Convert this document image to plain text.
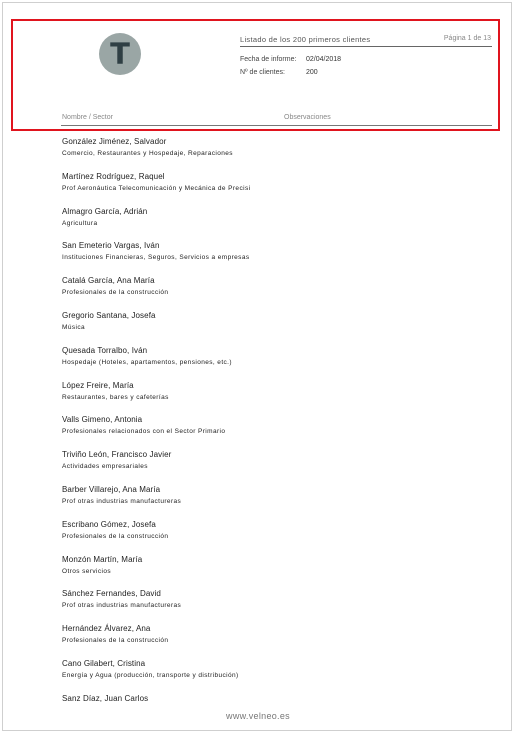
T	Listado de los 200 primeros clientes	Página 1 de 13
Fecha de informe: 02/04/2018
Nº de clientes:	200
Nombre / Sector	Observaciones
González Jiménez, Salvador
Comercio, Restaurantes y Hospedaje, Reparaciones
Martínez Rodríguez, Raquel
Prof Aeronáutica Telecomunicación y Mecánica de Precisi
Almagro García, Adrián
Agricultura
San Emeterio Vargas, Iván
Instituciones Financieras, Seguros, Servicios a empresas
Catalá García, Ana María
Profesionales de la construcción
Gregorio Santana, Josefa
Música
Quesada Torralbo, Iván
Hospedaje (Hoteles, apartamentos, pensiones, etc.)
López Freire, María
Restaurantes, bares y cafeterías
Valls Gimeno, Antonia
Profesionales relacionados con el Sector Primario
Triviño León, Francisco Javier
Actividades empresariales
Barber Villarejo, Ana María
Prof otras industrias manufactureras
Escribano Gómez, Josefa
Profesionales de la construcción
Monzón Martín, María
Otros servicios
Sánchez Fernandes, David
Prof otras industrias manufactureras
Hernández Álvarez, Ana
Profesionales de la construcción
Cano Gilabert, Cristina
Energía y Agua (producción, transporte y distribución)
Sanz Díaz, Juan Carlos
www.velneo.es
